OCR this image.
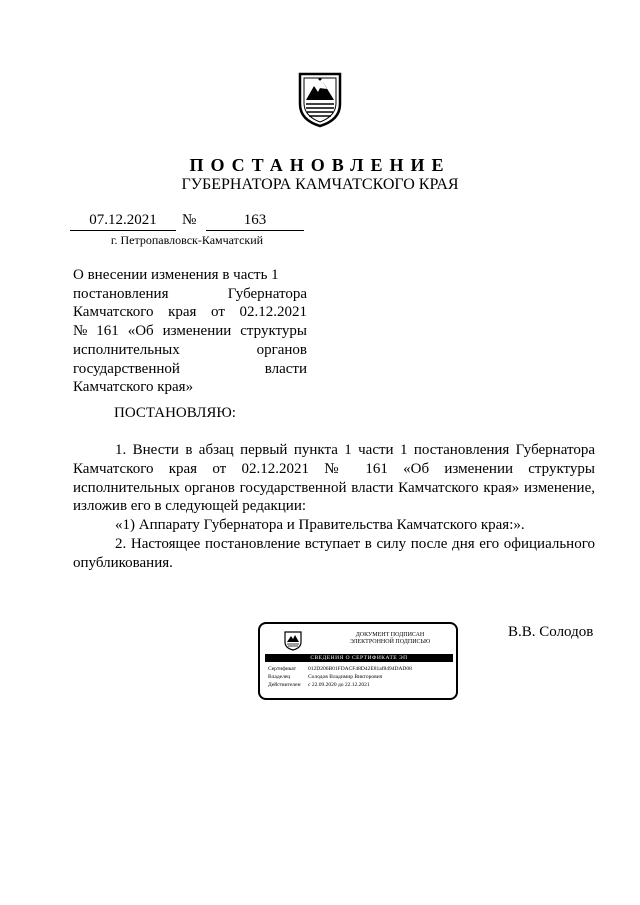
ПОСТАНОВЛЕНИЕ
ГУБЕРНАТОРА КАМЧАТСКОГО КРАЯ
07.12.2021	№	163
г. Петропавловск-Камчатский
О внесении изменения в часть 1
постановления	Губернатора
Камчатского края от 02.12.2021
№ 161 «Об изменении структуры
исполнительных	органов
государственной	власти
Камчатского края»
ПОСТАНОВЛЯЮ:
1. Внести в абзац первый пункта 1 части 1 постановления Губернатора
Камчатского края от 02.12.2021 № 161 «Об изменении структуры
исполнительных органов государственной власти Камчатского края» изменение,
изложив его в следующей редакции:
«1) Аппарату Губернатора и Правительства Камчатского края:».
2. Настоящее постановление вступает в силу после дня его официального
опубликования.
ДОКУМЕНТ ПОДПИСАН
ЭЛЕКТРОННОЙ ПОДПИСЬЮ
СВЕДЕНИЯ О СЕРТИФИКАТЕ ЭП
Сертификат 012D206B01FDACF48D42E81af8494DAD08
Владелец	Солодов Владимир Викторович
Действителен с 22.09.2020 до 22.12.2021
В.В. Солодов
